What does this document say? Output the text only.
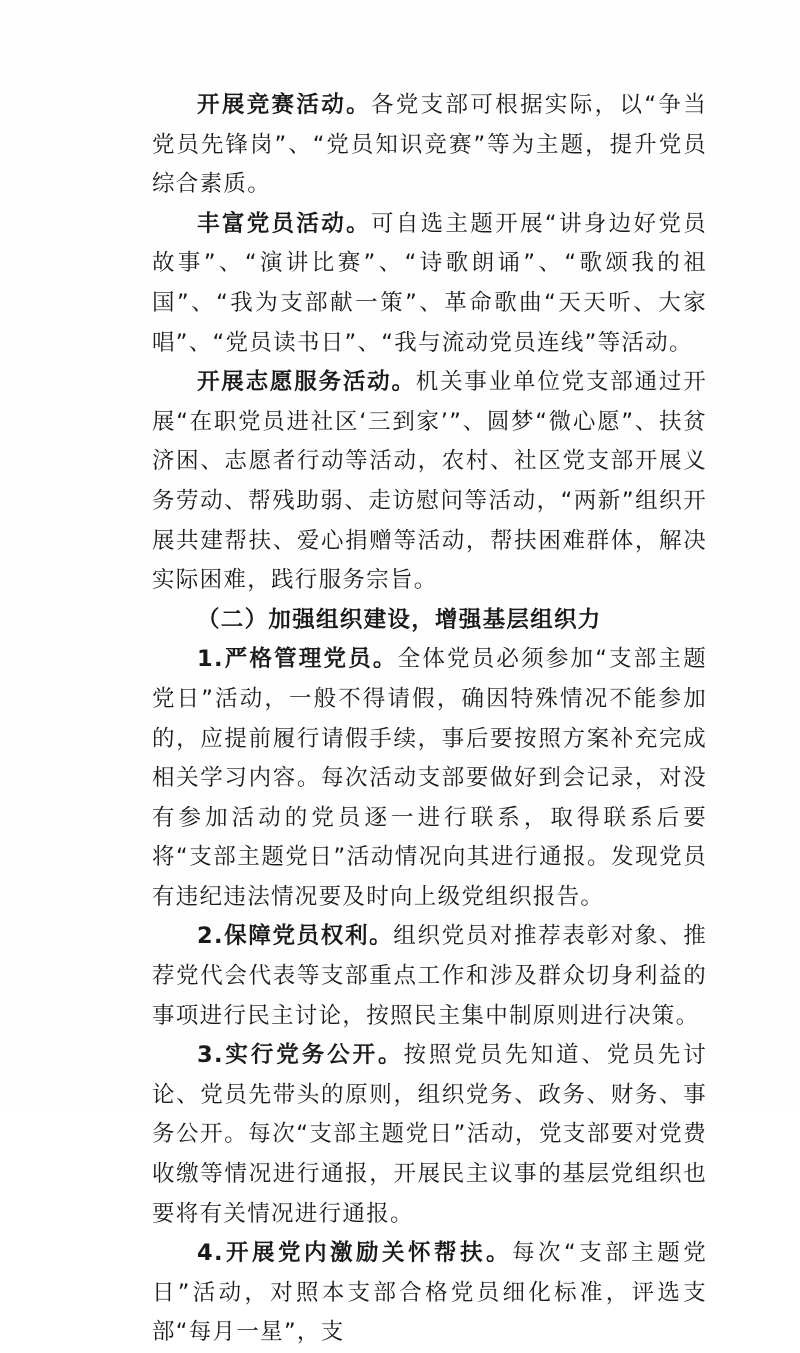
开展竞赛活动。各党支部可根据实际，以“争当党员先锋岗”、“党员知识竞赛”等为主题，提升党员综合素质。

丰富党员活动。可自选主题开展“讲身边好党员故事”、“演讲比赛”、“诗歌朗诵”、“歌颂我的祖国”、“我为支部献一策”、革命歌曲“天天听、大家唱”、“党员读书日”、“我与流动党员连线”等活动。

开展志愿服务活动。机关事业单位党支部通过开展“在职党员进社区‘三到家’”、圆梦“微心愿”、扶贫济困、志愿者行动等活动，农村、社区党支部开展义务劳动、帮残助弱、走访慰问等活动，“两新”组织开展共建帮扶、爱心捐赠等活动，帮扶困难群体，解决实际困难，践行服务宗旨。

（二）加强组织建设，增强基层组织力

1.严格管理党员。全体党员必须参加“支部主题党日”活动，一般不得请假，确因特殊情况不能参加的，应提前履行请假手续，事后要按照方案补充完成相关学习内容。每次活动支部要做好到会记录，对没有参加活动的党员逐一进行联系，取得联系后要将“支部主题党日”活动情况向其进行通报。发现党员有违纪违法情况要及时向上级党组织报告。

2.保障党员权利。组织党员对推荐表彰对象、推荐党代会代表等支部重点工作和涉及群众切身利益的事项进行民主讨论，按照民主集中制原则进行决策。

3.实行党务公开。按照党员先知道、党员先讨论、党员先带头的原则，组织党务、政务、财务、事务公开。每次“支部主题党日”活动，党支部要对党费收缴等情况进行通报，开展民主议事的基层党组织也要将有关情况进行通报。

4.开展党内激励关怀帮扶。每次“支部主题党日”活动，对照本支部合格党员细化标准，评选支部“每月一星”，支
